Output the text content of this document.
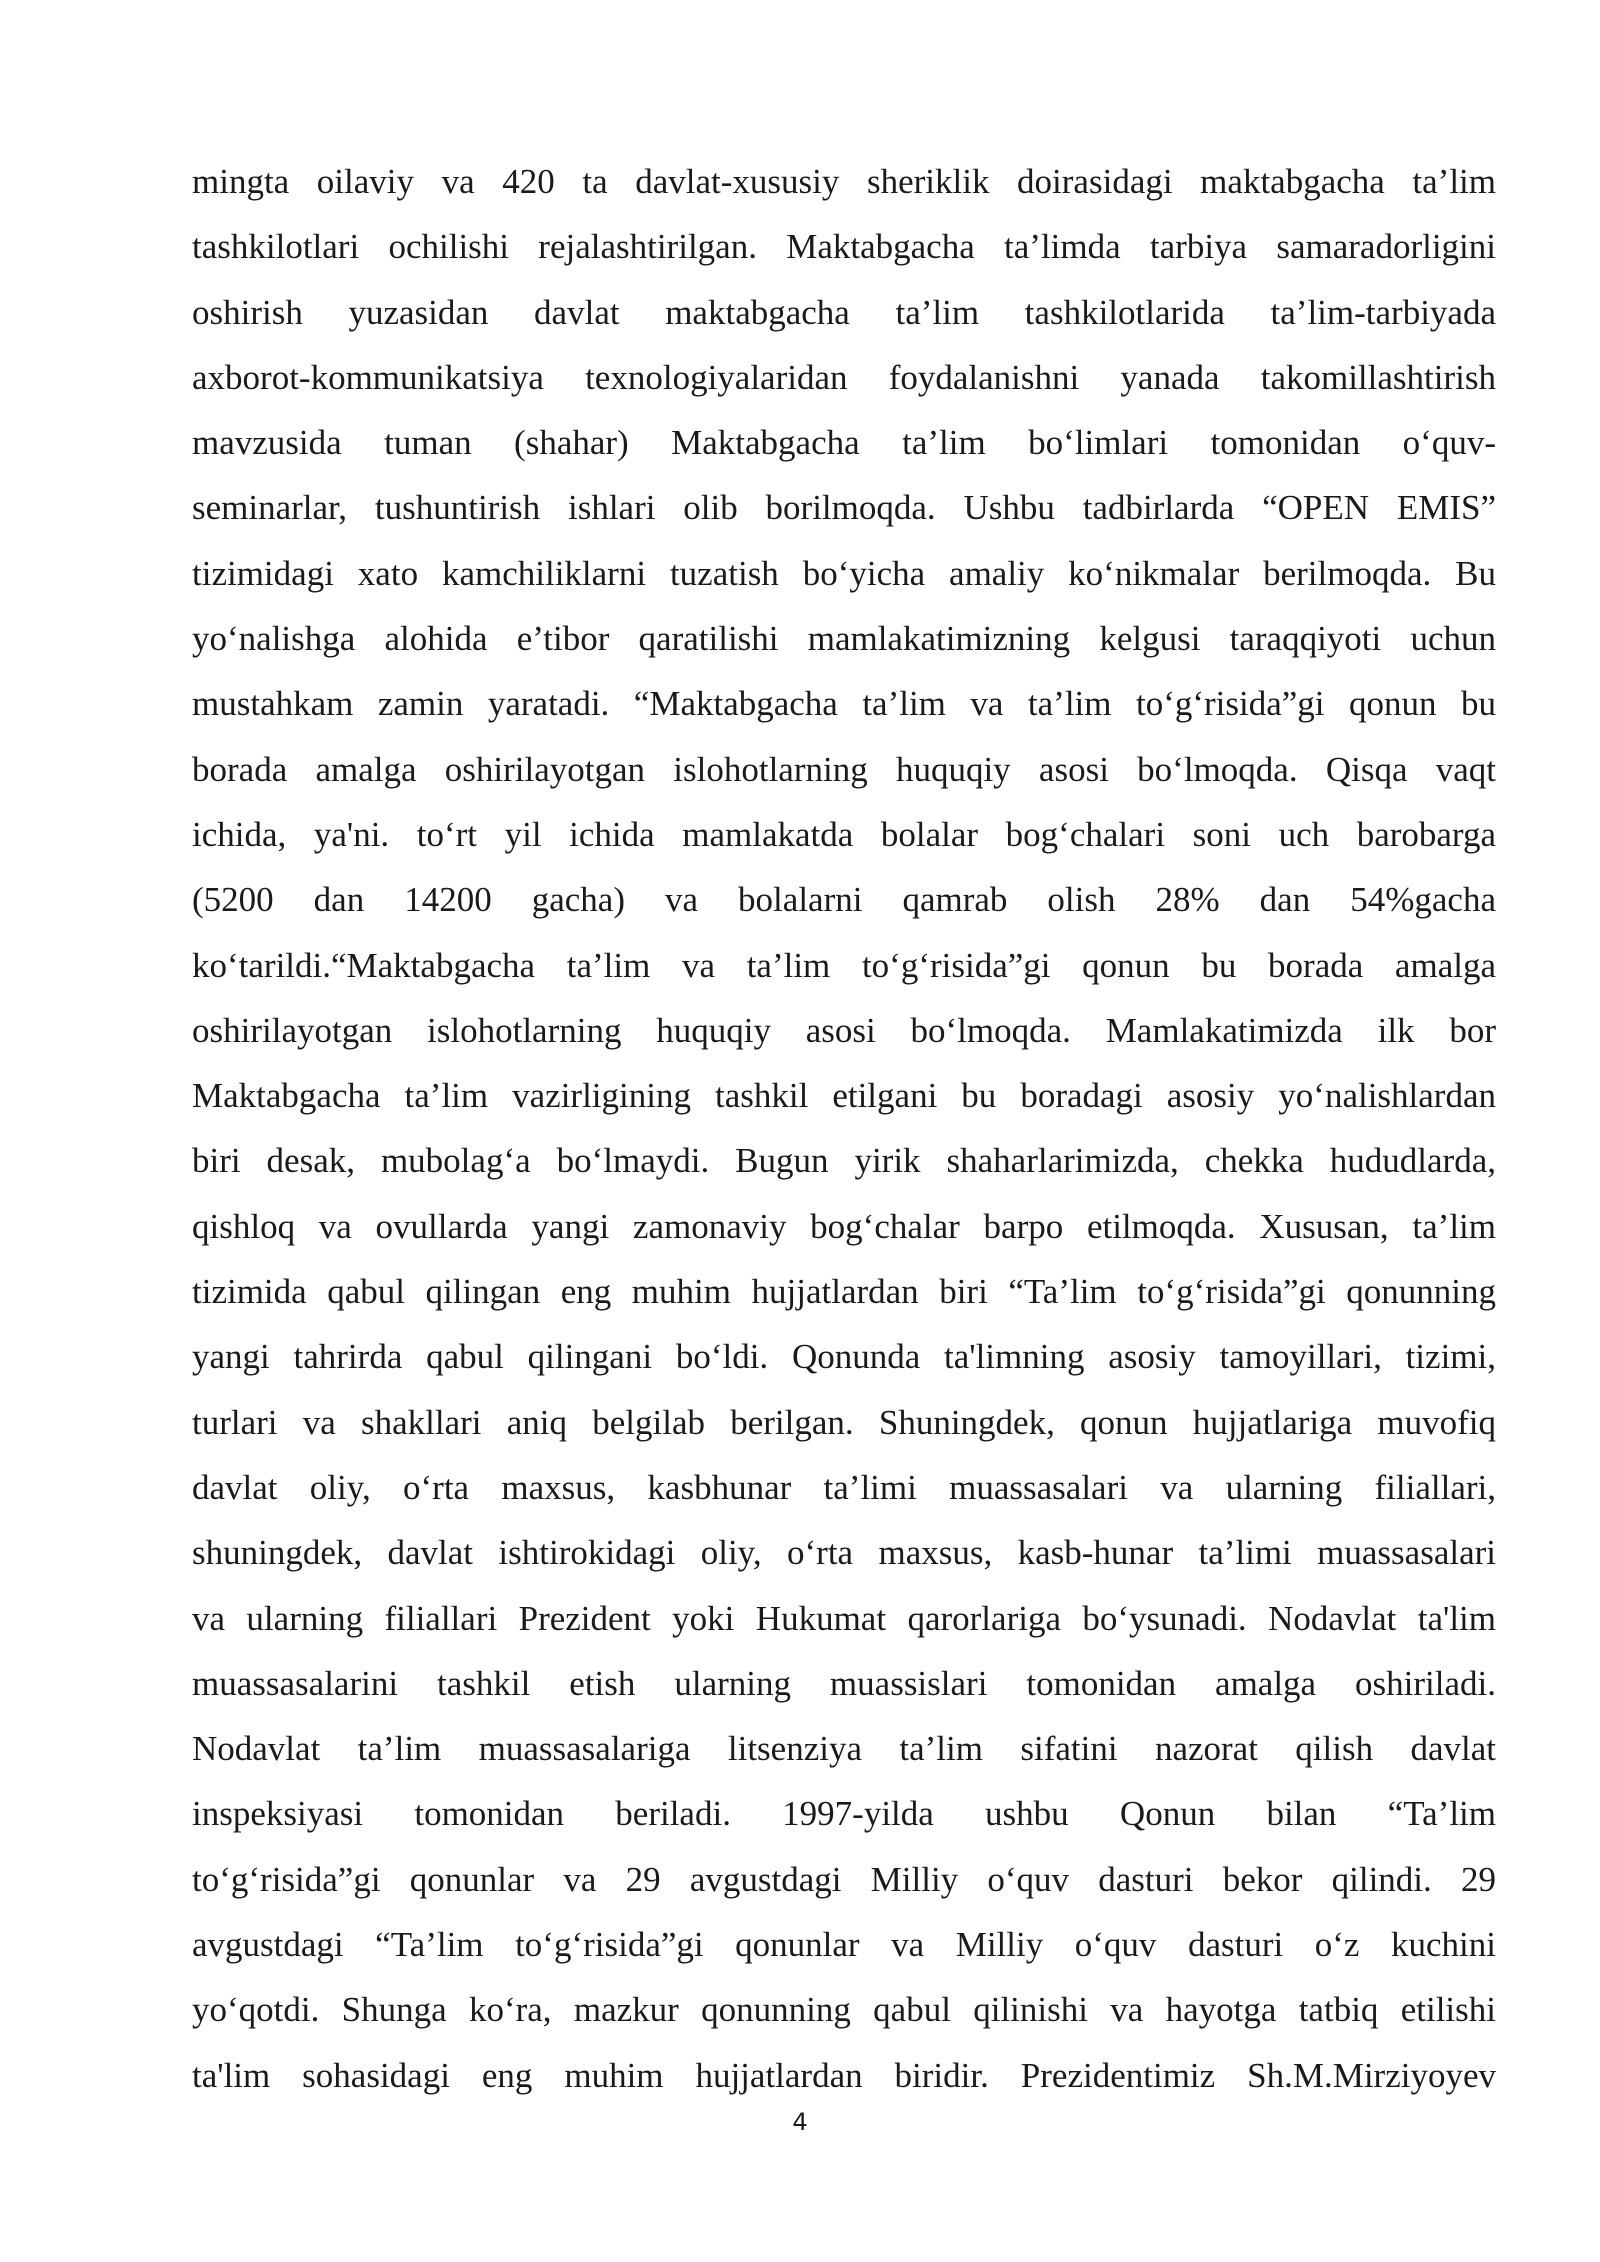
mingta oilaviy va 420 ta davlat-xususiy sheriklik doirasidagi maktabgacha ta’lim
tashkilotlari ochilishi rejalashtirilgan. Maktabgacha ta’limda tarbiya samaradorligini
oshirish yuzasidan davlat maktabgacha ta’lim tashkilotlarida ta’lim-tarbiyada
axborot-kommunikatsiya texnologiyalaridan foydalanishni yanada takomillashtirish
mavzusida tuman (shahar) Maktabgacha ta’lim bo‘limlari tomonidan o‘quv-
seminarlar, tushuntirish ishlari olib borilmoqda. Ushbu tadbirlarda “OPEN EMIS”
tizimidagi xato kamchiliklarni tuzatish bo‘yicha amaliy ko‘nikmalar berilmoqda. Bu
yo‘nalishga alohida e’tibor qaratilishi mamlakatimizning kelgusi taraqqiyoti uchun
mustahkam zamin yaratadi. “Maktabgacha ta’lim va ta’lim to‘g‘risida”gi qonun bu
borada amalga oshirilayotgan islohotlarning huquqiy asosi bo‘lmoqda. Qisqa vaqt
ichida, ya'ni. to‘rt yil ichida mamlakatda bolalar bog‘chalari soni uch barobarga
(5200 dan 14200 gacha) va bolalarni qamrab olish 28% dan 54%gacha
ko‘tarildi.“Maktabgacha ta’lim va ta’lim to‘g‘risida”gi qonun bu borada amalga
oshirilayotgan islohotlarning huquqiy asosi bo‘lmoqda. Mamlakatimizda ilk bor
Maktabgacha ta’lim vazirligining tashkil etilgani bu boradagi asosiy yo‘nalishlardan
biri desak, mubolag‘a bo‘lmaydi. Bugun yirik shaharlarimizda, chekka hududlarda,
qishloq va ovullarda yangi zamonaviy bog‘chalar barpo etilmoqda. Xususan, ta’lim
tizimida qabul qilingan eng muhim hujjatlardan biri “Ta’lim to‘g‘risida”gi qonunning
yangi tahrirda qabul qilingani bo‘ldi. Qonunda ta'limning asosiy tamoyillari, tizimi,
turlari va shakllari aniq belgilab berilgan. Shuningdek, qonun hujjatlariga muvofiq
davlat oliy, o‘rta maxsus, kasbhunar ta’limi muassasalari va ularning filiallari,
shuningdek, davlat ishtirokidagi oliy, o‘rta maxsus, kasb-hunar ta’limi muassasalari
va ularning filiallari Prezident yoki Hukumat qarorlariga bo‘ysunadi. Nodavlat ta'lim
muassasalarini tashkil etish ularning muassislari tomonidan amalga oshiriladi.
Nodavlat ta’lim muassasalariga litsenziya ta’lim sifatini nazorat qilish davlat
inspeksiyasi tomonidan beriladi. 1997-yilda ushbu Qonun bilan “Ta’lim
to‘g‘risida”gi qonunlar va 29 avgustdagi Milliy o‘quv dasturi bekor qilindi. 29
avgustdagi “Ta’lim to‘g‘risida”gi qonunlar va Milliy o‘quv dasturi o‘z kuchini
yo‘qotdi. Shunga ko‘ra, mazkur qonunning qabul qilinishi va hayotga tatbiq etilishi
ta'lim sohasidagi eng muhim hujjatlardan biridir. Prezidentimiz Sh.M.Mirziyoyev
4
